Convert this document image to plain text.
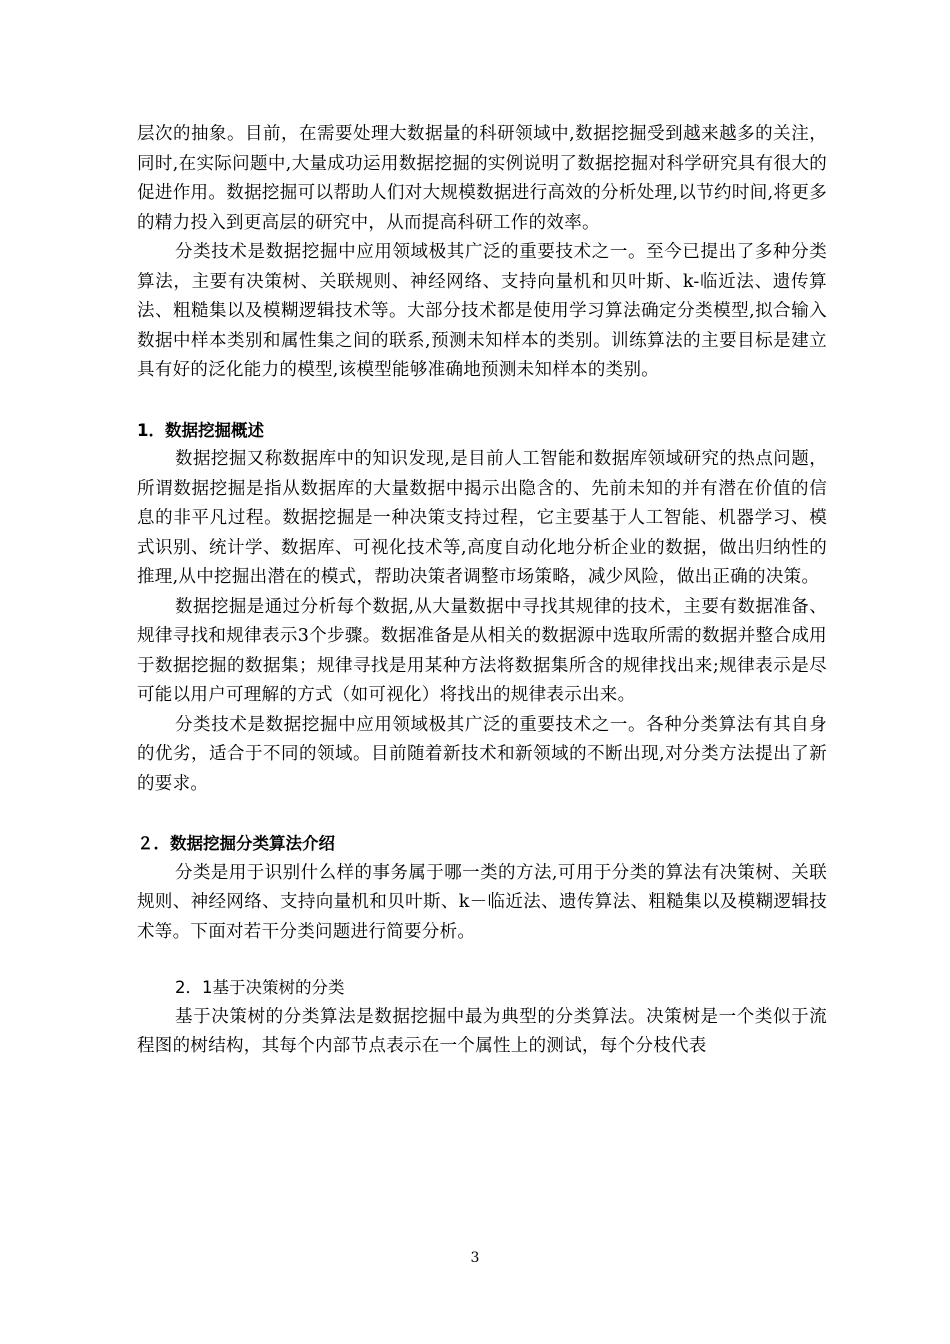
层次的抽象。目前，在需要处理大数据量的科研领域中,数据挖掘受到越来越多的关注，同时,在实际问题中,大量成功运用数据挖掘的实例说明了数据挖掘对科学研究具有很大的促进作用。数据挖掘可以帮助人们对大规模数据进行高效的分析处理,以节约时间,将更多的精力投入到更高层的研究中，从而提高科研工作的效率。

分类技术是数据挖掘中应用领域极其广泛的重要技术之一。至今已提出了多种分类算法，主要有决策树、关联规则、神经网络、支持向量机和贝叶斯、k-临近法、遗传算法、粗糙集以及模糊逻辑技术等。大部分技术都是使用学习算法确定分类模型,拟合输入数据中样本类别和属性集之间的联系,预测未知样本的类别。训练算法的主要目标是建立具有好的泛化能力的模型,该模型能够准确地预测未知样本的类别。

1．数据挖掘概述

数据挖掘又称数据库中的知识发现,是目前人工智能和数据库领域研究的热点问题，所谓数据挖掘是指从数据库的大量数据中揭示出隐含的、先前未知的并有潜在价值的信息的非平凡过程。数据挖掘是一种决策支持过程，它主要基于人工智能、机器学习、模式识别、统计学、数据库、可视化技术等,高度自动化地分析企业的数据，做出归纳性的推理,从中挖掘出潜在的模式，帮助决策者调整市场策略，减少风险，做出正确的决策。

数据挖掘是通过分析每个数据,从大量数据中寻找其规律的技术，主要有数据准备、规律寻找和规律表示3个步骤。数据准备是从相关的数据源中选取所需的数据并整合成用于数据挖掘的数据集；规律寻找是用某种方法将数据集所含的规律找出来;规律表示是尽可能以用户可理解的方式（如可视化）将找出的规律表示出来。

分类技术是数据挖掘中应用领域极其广泛的重要技术之一。各种分类算法有其自身的优劣，适合于不同的领域。目前随着新技术和新领域的不断出现,对分类方法提出了新的要求。

２．数据挖掘分类算法介绍

分类是用于识别什么样的事务属于哪一类的方法,可用于分类的算法有决策树、关联规则、神经网络、支持向量机和贝叶斯、k－临近法、遗传算法、粗糙集以及模糊逻辑技术等。下面对若干分类问题进行简要分析。

2．1基于决策树的分类

基于决策树的分类算法是数据挖掘中最为典型的分类算法。决策树是一个类似于流程图的树结构，其每个内部节点表示在一个属性上的测试，每个分枝代表

3
